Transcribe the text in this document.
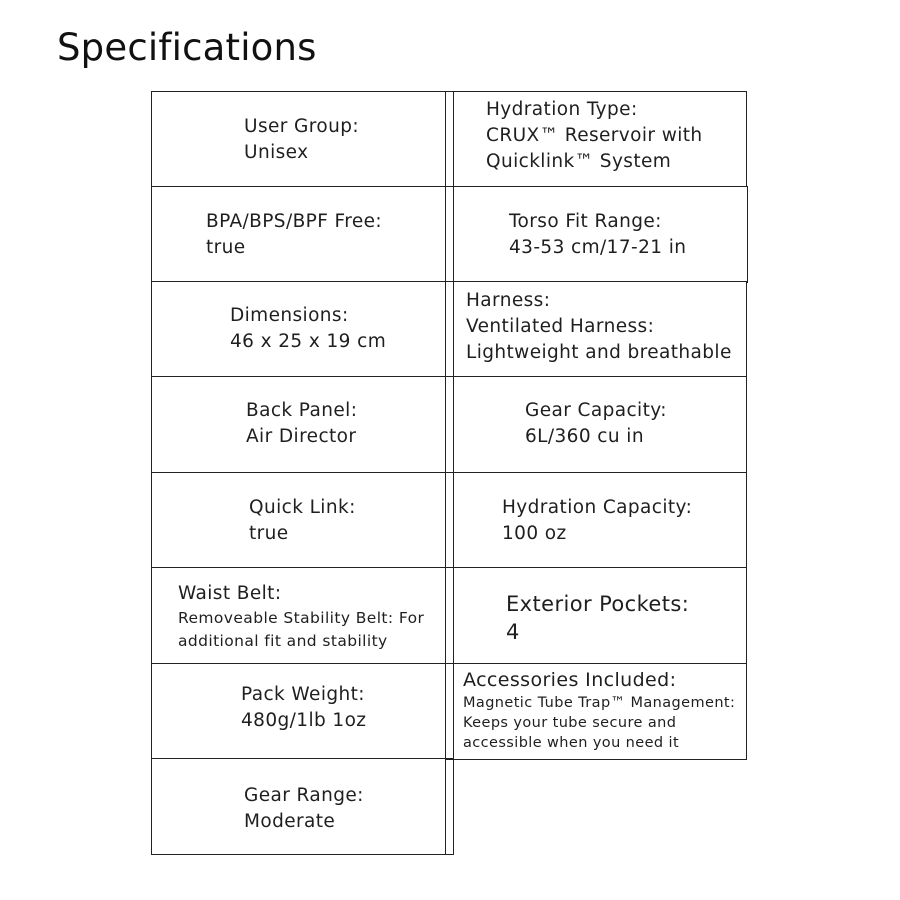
Specifications
User Group:
Unisex
BPA/BPS/BPF Free:
true
Dimensions:
46 x 25 x 19 cm
Back Panel:
Air Director
Quick Link:
true
Waist Belt:
Removeable Stability Belt: For
additional fit and stability
Pack Weight:
480g/1lb 1oz
Gear Range:
Moderate
Hydration Type:
CRUX™ Reservoir with
Quicklink™ System
Torso Fit Range:
43-53 cm/17-21 in
Harness:
Ventilated Harness:
Lightweight and breathable
Gear Capacity:
6L/360 cu in
Hydration Capacity:
100 oz
Exterior Pockets:
4
Accessories Included:
Magnetic Tube Trap™ Management:
Keeps your tube secure and
accessible when you need it
